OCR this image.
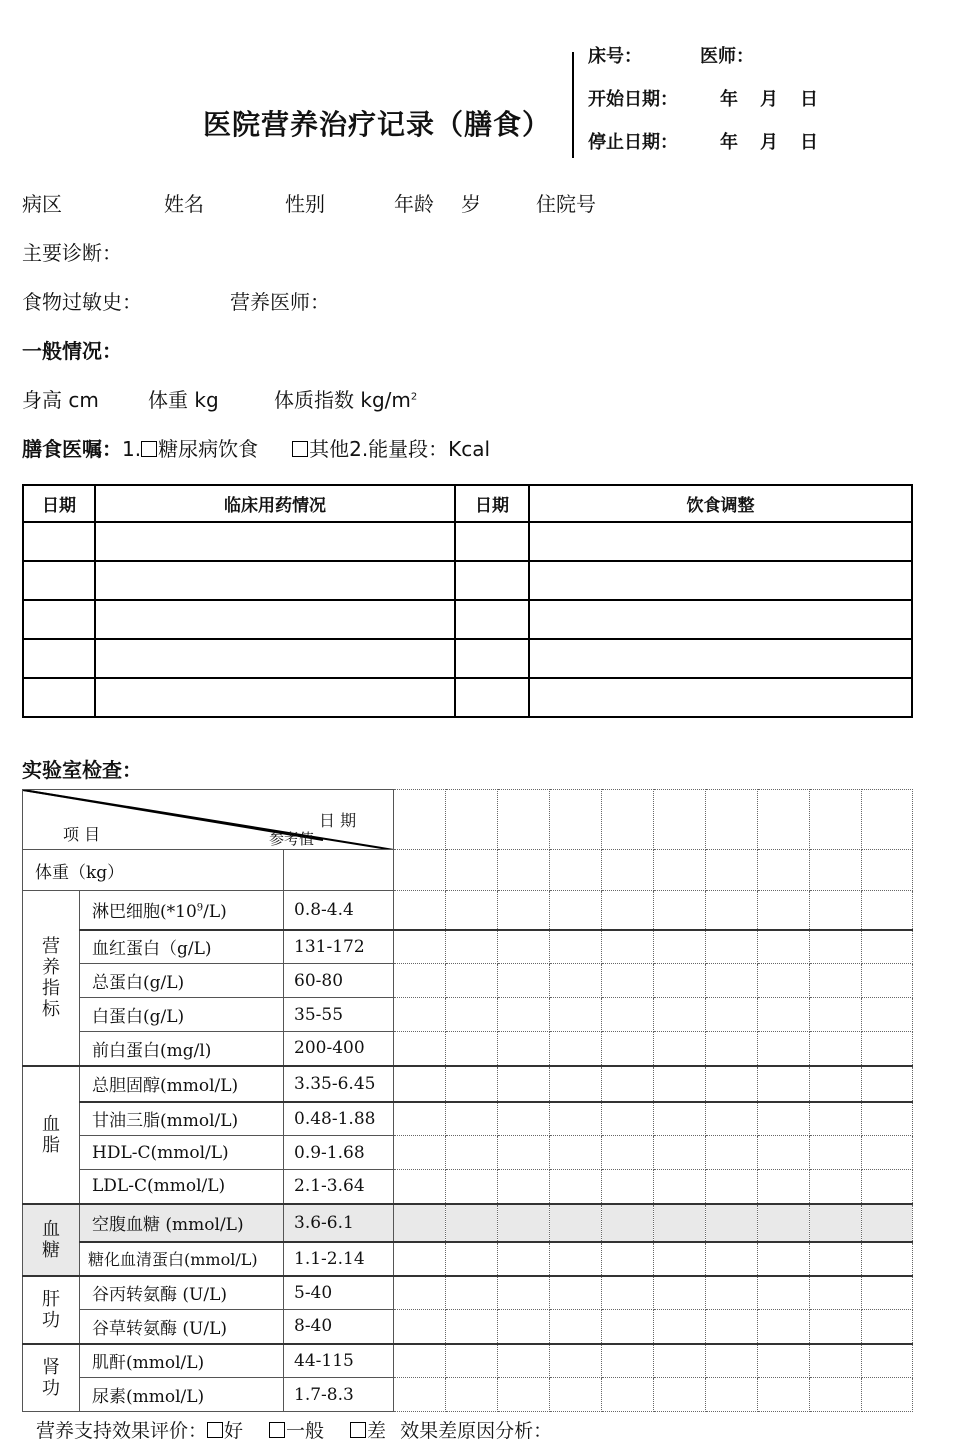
医院营养治疗记录（膳食）
床号：	医师：
开始日期： 年 月 日
停止日期： 年 月 日
病区	姓名	性别	年龄 岁	住院号
主要诊断：
食物过敏史：	营养医师：
一般情况：
身高 cm 体重 kg	体质指数 $kg/m^2$
膳食医嘱：1. 糖尿病饮食	其他2.能量段：Kcal
日期	临床用药情况	日期	饮食调整

实验室检查：
日 期
参考值
项 目												

体重（kg）												
营养指标	淋巴细胞$(*10^9/L)$	0.8-4.4										
	血红蛋白（g/L)	131-172										
	总蛋白(g/L)	60-80										
	白蛋白(g/L)	35-55										
	前白蛋白(mg/l)	200-400										
血脂	总胆固醇(mmol/L)	3.35-6.45										
	甘油三脂(mmol/L)	0.48-1.88										
	HDL-C(mmol/L)	0.9-1.68										
	LDL-C(mmol/L)	2.1-3.64										
血糖	空腹血糖 (mmol/L)	3.6-6.1										
	糖化血清蛋白(mmol/L)	1.1-2.14										
肝功	谷丙转氨酶 (U/L)	5-40										
	谷草转氨酶 (U/L)	8-40										
肾功	肌酐(mmol/L)	44-115										
	尿素(mmol/L)	1.7-8.3										
营养支持效果评价： 好 一般 差 效果差原因分析：
